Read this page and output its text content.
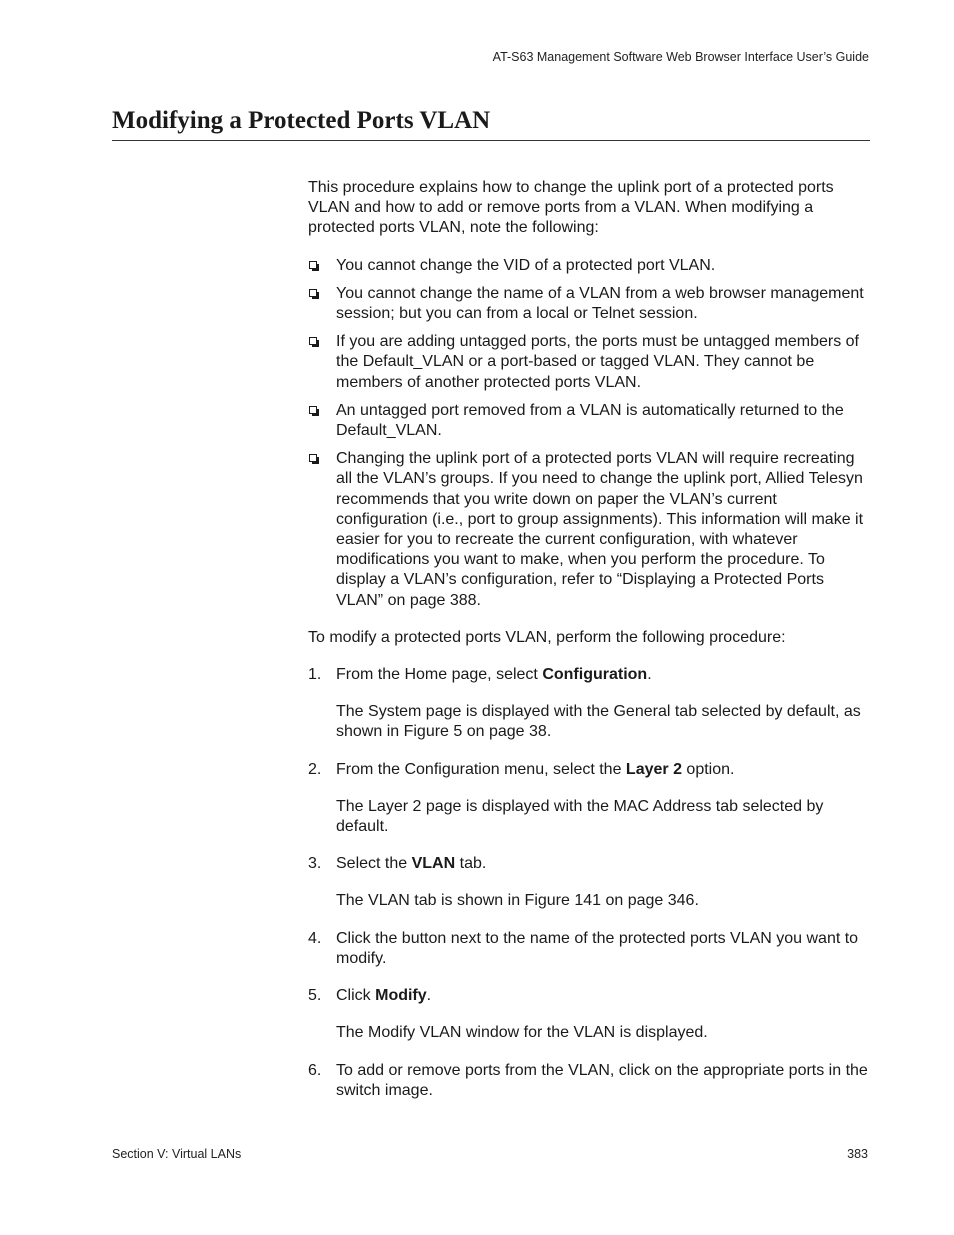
AT-S63 Management Software Web Browser Interface User’s Guide
Modifying a Protected Ports VLAN

This procedure explains how to change the uplink port of a protected ports VLAN and how to add or remove ports from a VLAN. When modifying a protected ports VLAN, note the following:

You cannot change the VID of a protected port VLAN.
You cannot change the name of a VLAN from a web browser management session; but you can from a local or Telnet session.
If you are adding untagged ports, the ports must be untagged members of the Default_VLAN or a port-based or tagged VLAN. They cannot be members of another protected ports VLAN.
An untagged port removed from a VLAN is automatically returned to the Default_VLAN.
Changing the uplink port of a protected ports VLAN will require recreating all the VLAN’s groups. If you need to change the uplink port, Allied Telesyn recommends that you write down on paper the VLAN’s current configuration (i.e., port to group assignments). This information will make it easier for you to recreate the current configuration, with whatever modifications you want to make, when you perform the procedure. To display a VLAN’s configuration, refer to “Displaying a Protected Ports VLAN” on page 388.

To modify a protected ports VLAN, perform the following procedure:

1. From the Home page, select Configuration.

The System page is displayed with the General tab selected by default, as shown in Figure 5 on page 38.

2. From the Configuration menu, select the Layer 2 option.

The Layer 2 page is displayed with the MAC Address tab selected by default.

3. Select the VLAN tab.

The VLAN tab is shown in Figure 141 on page 346.

4. Click the button next to the name of the protected ports VLAN you want to modify.

5. Click Modify.

The Modify VLAN window for the VLAN is displayed.

6. To add or remove ports from the VLAN, click on the appropriate ports in the switch image.

Section V: Virtual LANs	383
